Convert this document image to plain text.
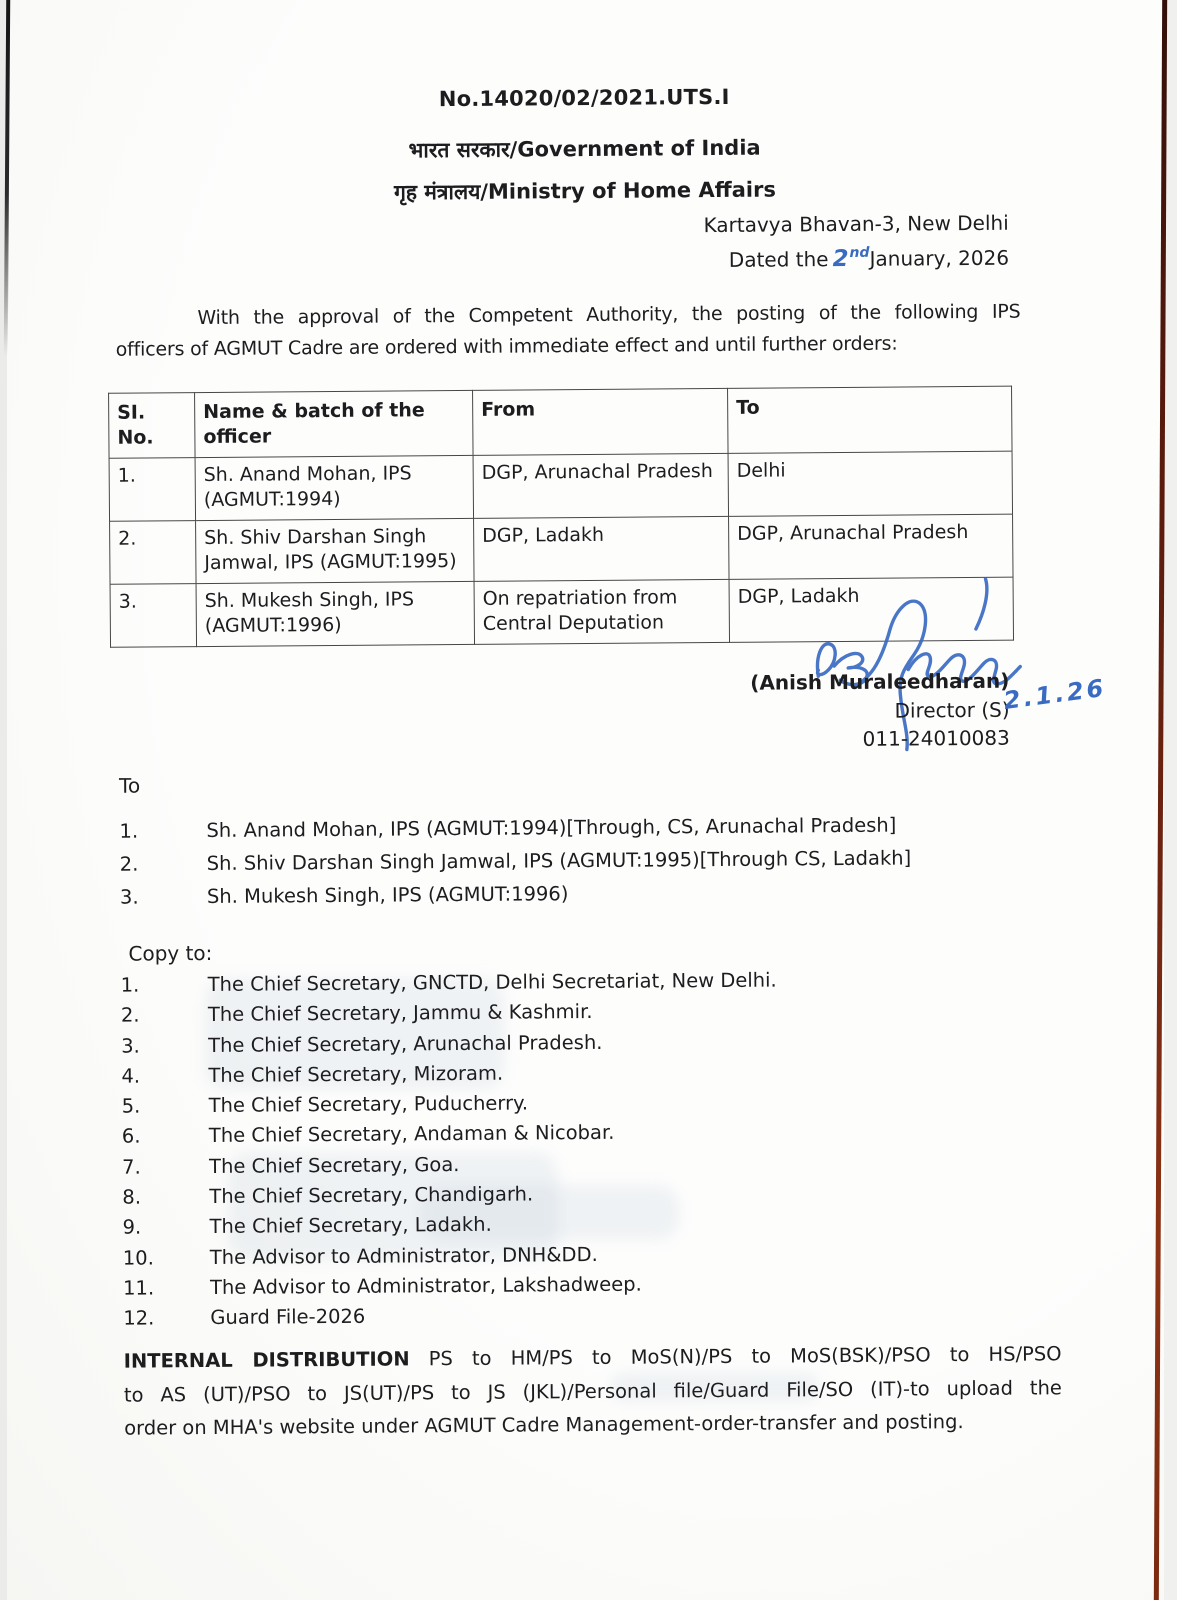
No.14020/02/2021.UTS.I
भारत सरकार/Government of India
गृह मंत्रालय/Ministry of Home Affairs
Kartavya Bhavan-3, New Delhi
Dated the 2ndJanuary, 2026
With the approval of the Competent Authority, the posting of the following IPS
officers of AGMUT Cadre are ordered with immediate effect and until further orders:
SI. No.	Name & batch of the officer	From	To
1.	Sh. Anand Mohan, IPS (AGMUT:1994)	DGP, Arunachal Pradesh	Delhi
2.	Sh. Shiv Darshan Singh Jamwal, IPS (AGMUT:1995)	DGP, Ladakh	DGP, Arunachal Pradesh
3.	Sh. Mukesh Singh, IPS (AGMUT:1996)	On repatriation from Central Deputation	DGP, Ladakh
(Anish Muraleedharan)
Director (S)
011-24010083
2.1.26
To
1.	Sh. Anand Mohan, IPS (AGMUT:1994)[Through, CS, Arunachal Pradesh]
2.	Sh. Shiv Darshan Singh Jamwal, IPS (AGMUT:1995)[Through CS, Ladakh]
3.	Sh. Mukesh Singh, IPS (AGMUT:1996)
Copy to:
1.	The Chief Secretary, GNCTD, Delhi Secretariat, New Delhi.
2.	The Chief Secretary, Jammu & Kashmir.
3.	The Chief Secretary, Arunachal Pradesh.
4.	The Chief Secretary, Mizoram.
5.	The Chief Secretary, Puducherry.
6.	The Chief Secretary, Andaman & Nicobar.
7.	The Chief Secretary, Goa.
8.	The Chief Secretary, Chandigarh.
9.	The Chief Secretary, Ladakh.
10.	The Advisor to Administrator, DNH&DD.
11.	The Advisor to Administrator, Lakshadweep.
12.	Guard File-2026
INTERNAL DISTRIBUTION PS to HM/PS to MoS(N)/PS to MoS(BSK)/PSO to HS/PSO
to AS (UT)/PSO to JS(UT)/PS to JS (JKL)/Personal file/Guard File/SO (IT)-to upload the
order on MHA's website under AGMUT Cadre Management-order-transfer and posting.
